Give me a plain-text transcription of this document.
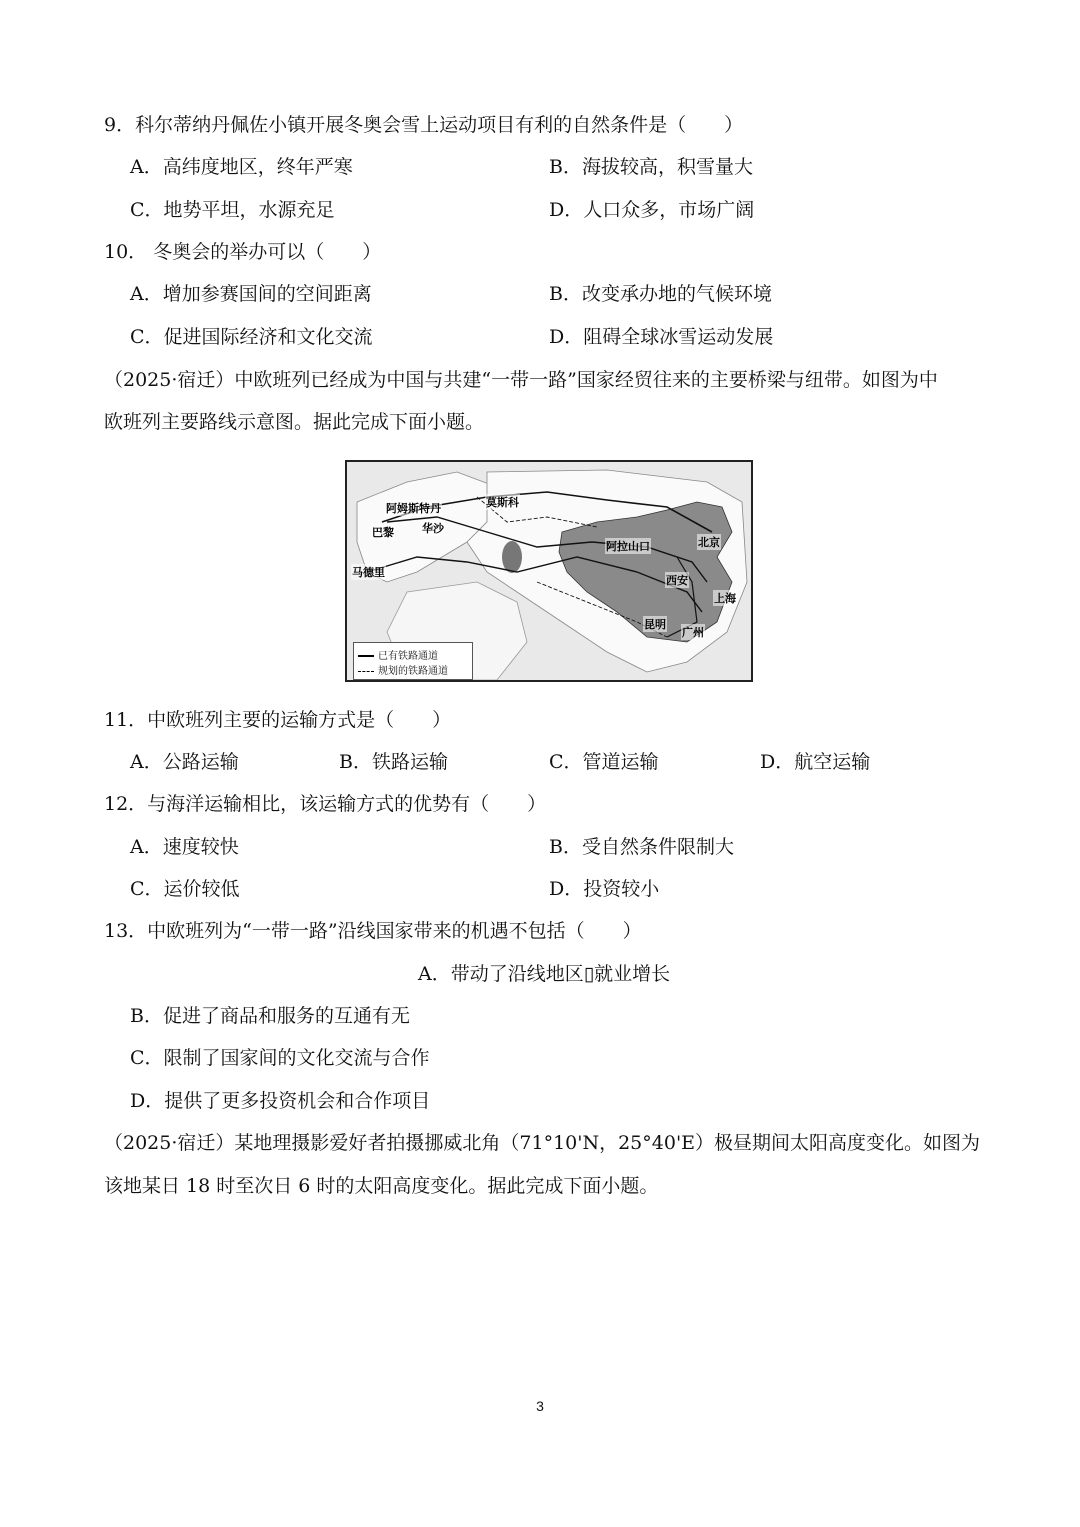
9．科尔蒂纳丹佩佐小镇开展冬奥会雪上运动项目有利的自然条件是（　　）
A．高纬度地区，终年严寒	B．海拔较高，积雪量大
C．地势平坦，水源充足	D．人口众多，市场广阔
10． 冬奥会的举办可以（　　）
A．增加参赛国间的空间距离	B．改变承办地的气候环境
C．促进国际经济和文化交流	D．阻碍全球冰雪运动发展
（2025·宿迁）中欧班列已经成为中国与共建“一带一路”国家经贸往来的主要桥梁与纽带。如图为中
欧班列主要路线示意图。据此完成下面小题。
阿姆斯特丹	莫斯科
华沙
巴黎
马德里
阿拉山口	北京
西安
上海
昆明
广州
已有铁路通道
规划的铁路通道
11．中欧班列主要的运输方式是（　　）
A．公路运输	B．铁路运输	C．管道运输	D．航空运输
12．与海洋运输相比，该运输方式的优势有（　　）
A．速度较快	B．受自然条件限制大
C．运价较低	D．投资较小
13．中欧班列为“一带一路”沿线国家带来的机遇不包括（　　）
A．带动了沿线地区▯就业增长
B．促进了商品和服务的互通有无
C．限制了国家间的文化交流与合作
D．提供了更多投资机会和合作项目
（2025·宿迁）某地理摄影爱好者拍摄挪威北角（71°10'N，25°40'E）极昼期间太阳高度变化。如图为
该地某日 18 时至次日 6 时的太阳高度变化。据此完成下面小题。
3
